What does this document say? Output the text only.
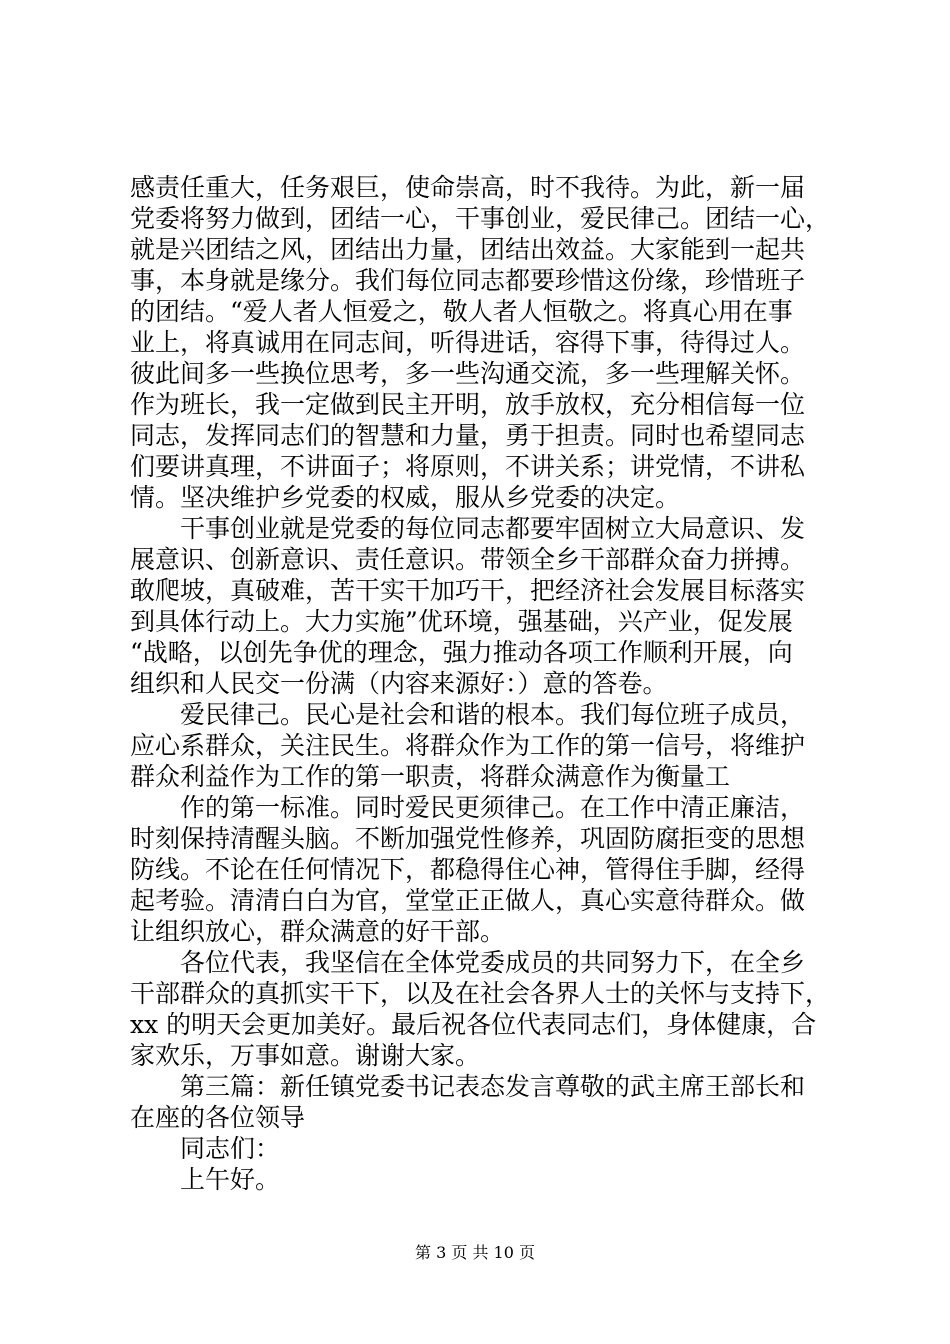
感责任重大，任务艰巨，使命崇高，时不我待。为此，新一届
党委将努力做到，团结一心，干事创业，爱民律己。团结一心，
就是兴团结之风，团结出力量，团结出效益。大家能到一起共
事，本身就是缘分。我们每位同志都要珍惜这份缘，珍惜班子
的团结。“爱人者人恒爱之，敬人者人恒敬之。将真心用在事
业上，将真诚用在同志间，听得进话，容得下事，待得过人。
彼此间多一些换位思考，多一些沟通交流，多一些理解关怀。
作为班长，我一定做到民主开明，放手放权，充分相信每一位
同志，发挥同志们的智慧和力量，勇于担责。同时也希望同志
们要讲真理，不讲面子；将原则，不讲关系；讲党情，不讲私
情。坚决维护乡党委的权威，服从乡党委的决定。
干事创业就是党委的每位同志都要牢固树立大局意识、发
展意识、创新意识、责任意识。带领全乡干部群众奋力拼搏。
敢爬坡，真破难，苦干实干加巧干，把经济社会发展目标落实
到具体行动上。大力实施”优环境，强基础，兴产业，促发展
“战略，以创先争优的理念，强力推动各项工作顺利开展，向
组织和人民交一份满（内容来源好：）意的答卷。
爱民律己。民心是社会和谐的根本。我们每位班子成员，
应心系群众，关注民生。将群众作为工作的第一信号，将维护
群众利益作为工作的第一职责，将群众满意作为衡量工
作的第一标准。同时爱民更须律己。在工作中清正廉洁，
时刻保持清醒头脑。不断加强党性修养，巩固防腐拒变的思想
防线。不论在任何情况下，都稳得住心神，管得住手脚，经得
起考验。清清白白为官，堂堂正正做人，真心实意待群众。做
让组织放心，群众满意的好干部。
各位代表，我坚信在全体党委成员的共同努力下，在全乡
干部群众的真抓实干下，以及在社会各界人士的关怀与支持下，
xx 的明天会更加美好。最后祝各位代表同志们，身体健康，合
家欢乐，万事如意。谢谢大家。
第三篇：新任镇党委书记表态发言尊敬的武主席王部长和
在座的各位领导
同志们：
上午好。
第 3 页 共 10 页
